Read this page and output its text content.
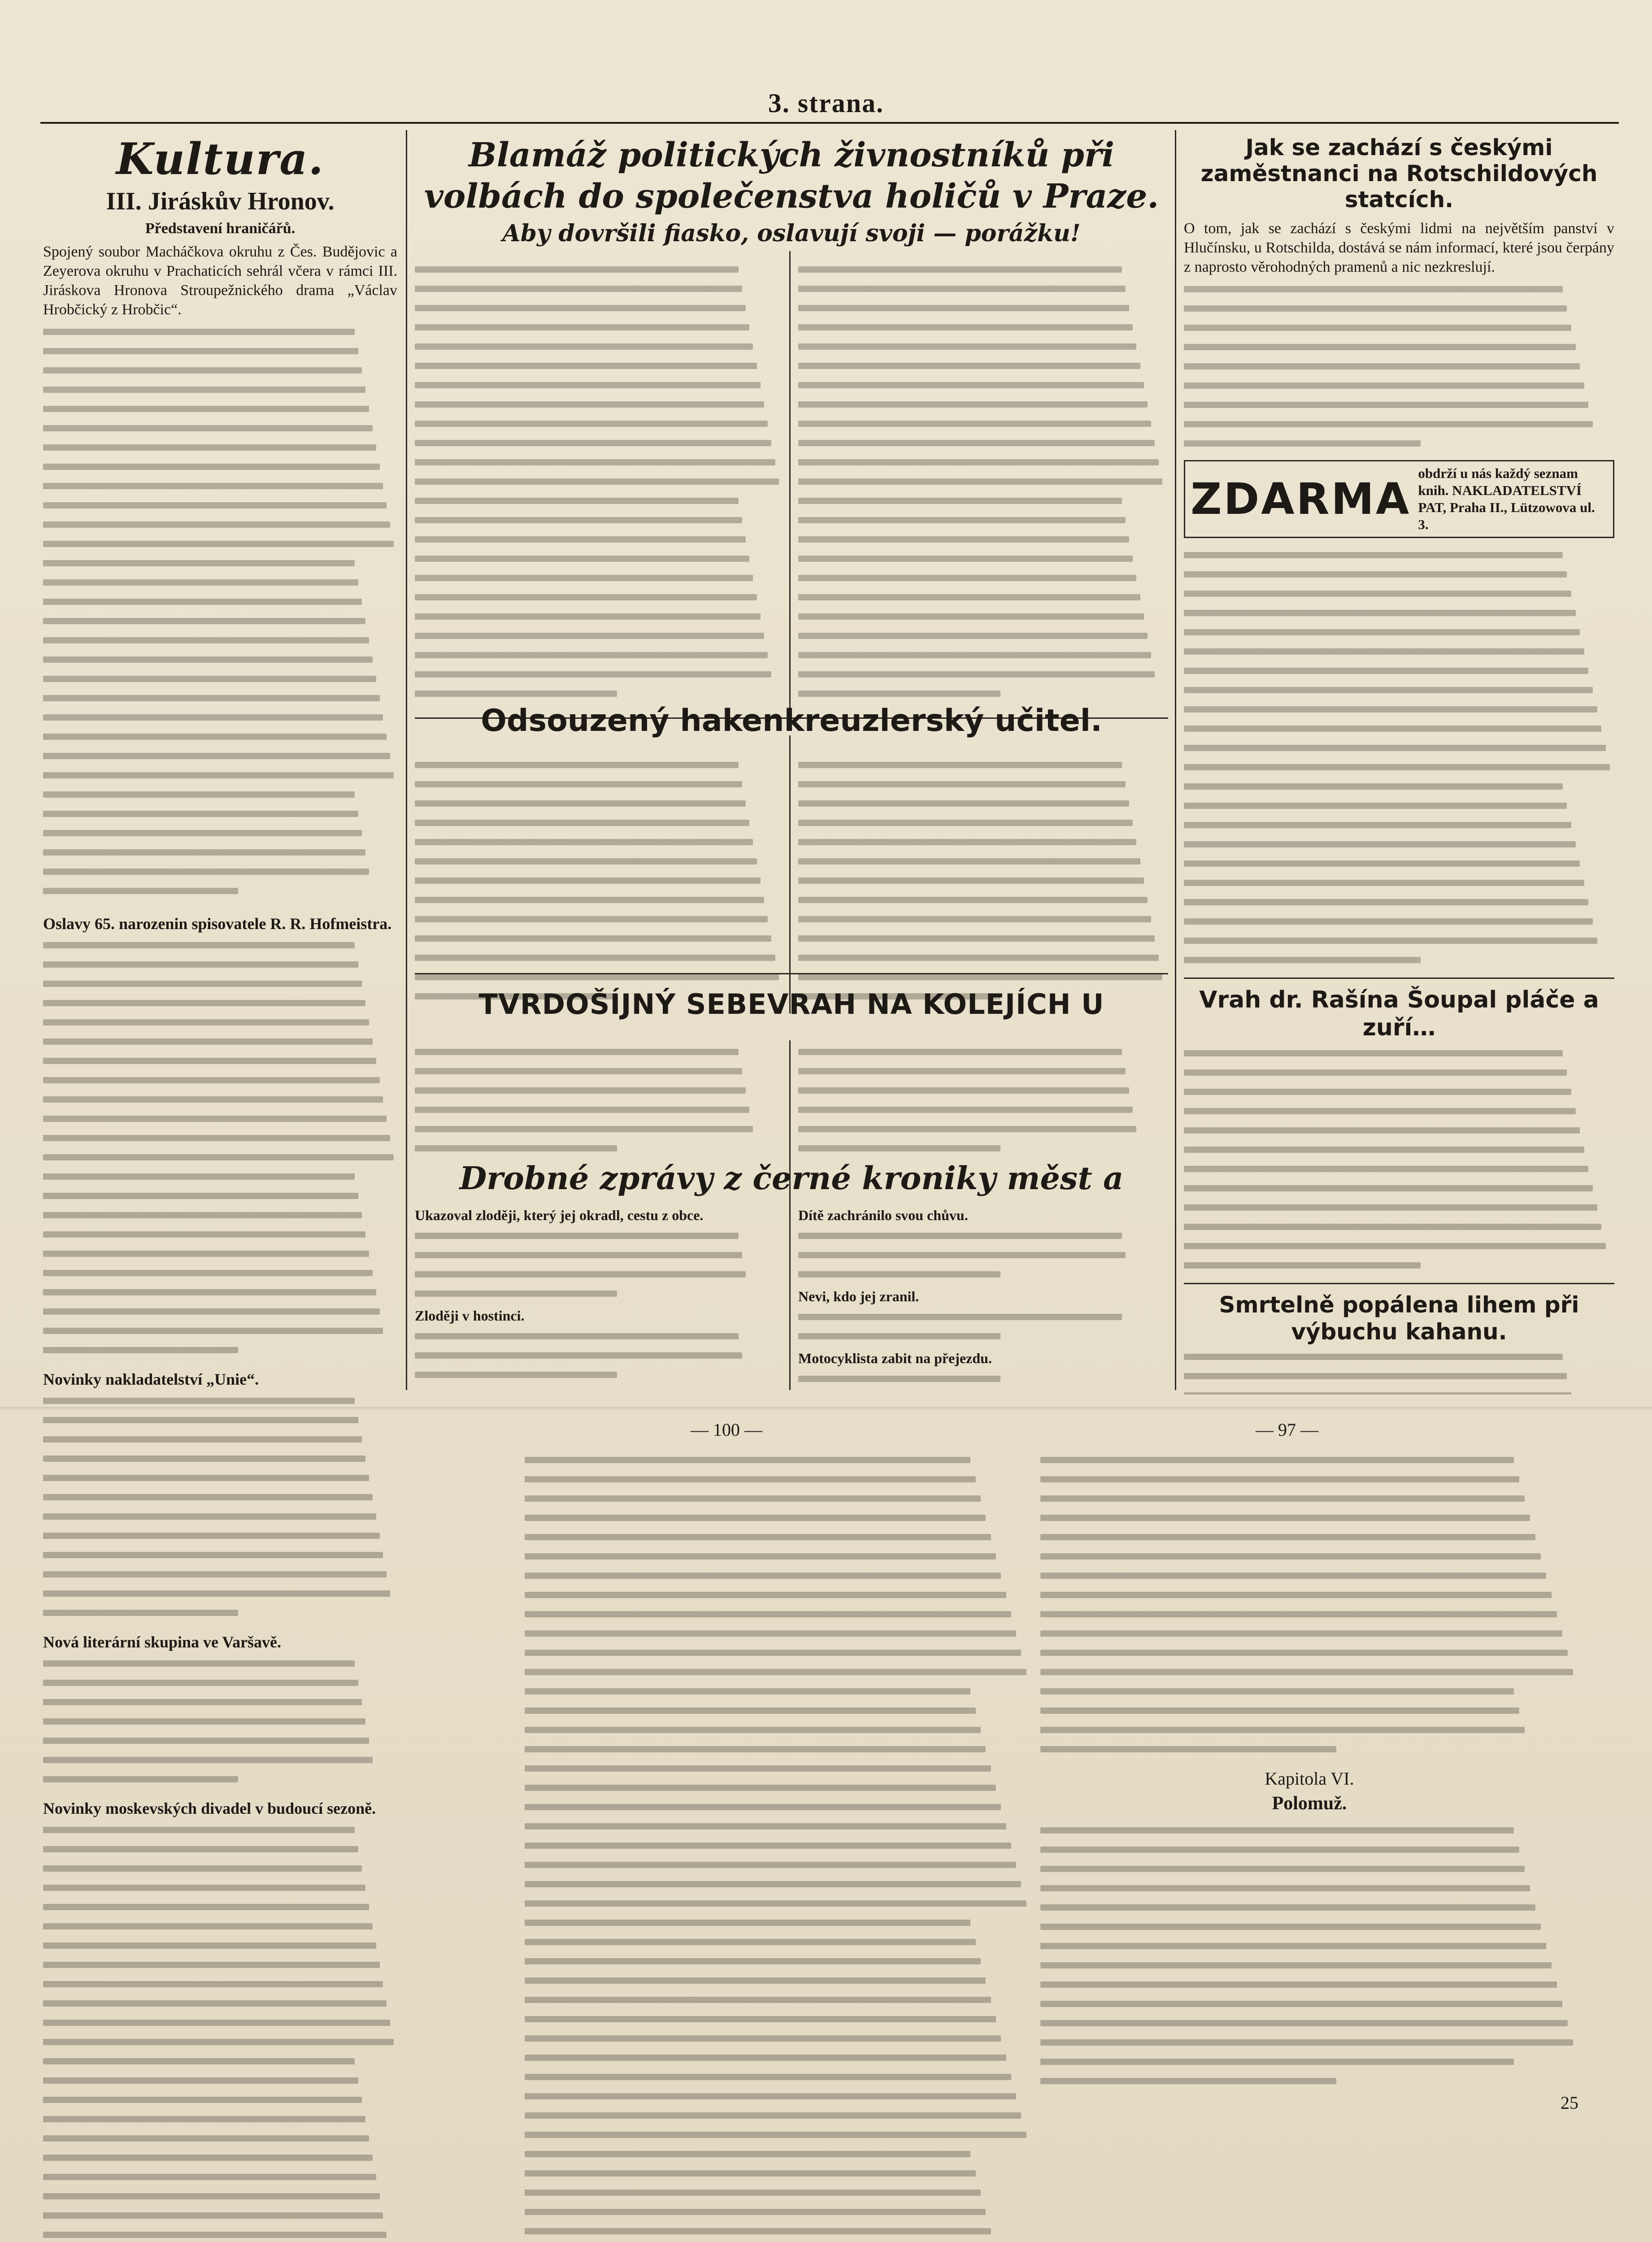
3. strana.
Kultura.
III. Jiráskův Hronov.
Představení hraničářů.

Spojený soubor Macháčkova okruhu z Čes. Budějovic a Zeyerova okruhu v Prachaticích sehrál včera v rámci III. Jiráskova Hronova Stroupežnického drama „Václav Hrobčický z Hrobčic“.

Oslavy 65. narozenin spisovatele R. R. Hofmeistra.
Novinky nakladatelství „Unie“.
Nová literární skupina ve Varšavě.
Novinky moskevských divadel v budoucí sezoně.
Blamáž politických živnostníků při volbách do společenstva holičů v Praze.
Aby dovršili fiasko, oslavují svoji — porážku!
Odsouzený hakenkreuzlerský učitel.
TVRDOŠÍJNÝ SEBEVRAH NA KOLEJÍCH U
Drobné zprávy z černé kroniky měst a
Ukazoval zloději, který jej okradl, cestu z obce.
Zloději v hostinci.
Dítě zachránilo svou chůvu.
Nevi, kdo jej zranil.
Motocyklista zabit na přejezdu.
Jak se zachází s českými zaměstnanci na Rotschildových statcích.

O tom, jak se zachází s českými lidmi na největším panství v Hlučínsku, u Rotschilda, dostává se nám informací, které jsou čerpány z naprosto věrohodných pramenů a nic nezkreslují.

ZDARMA
obdrží u nás každý seznam knih. NAKLADATELSTVÍ PAT, Praha II., Lützowova ul. 3.
Vrah dr. Rašína Šoupal pláče a zuří…
Smrtelně popálena lihem při výbuchu kahanu.
— 100 —	— 97 —
Kapitola VI.
Polomuž.
25
